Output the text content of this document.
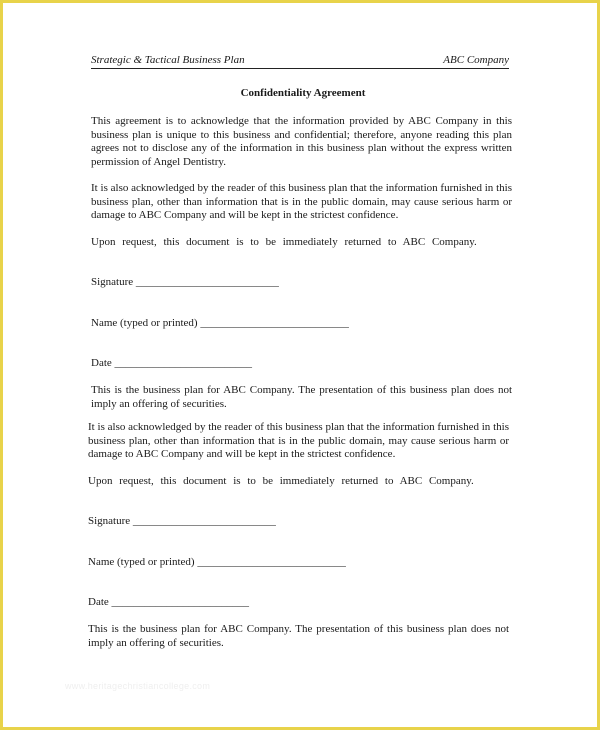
Strategic & Tactical Business Plan	ABC Company
Confidentiality Agreement
This agreement is to acknowledge that the information provided by ABC Company in this business plan is unique to this business and confidential; therefore, anyone reading this plan agrees not to disclose any of the information in this business plan without the express written permission of Angel Dentistry.
It is also acknowledged by the reader of this business plan that the information furnished in this business plan, other than information that is in the public domain, may cause serious harm or damage to ABC Company and will be kept in the strictest confidence.
Upon request, this document is to be immediately returned to ABC Company.
Signature __________________________
Name (typed or printed) ___________________________
Date _________________________
This is the business plan for ABC Company. The presentation of this business plan does not imply an offering of securities.
It is also acknowledged by the reader of this business plan that the information furnished in this business plan, other than information that is in the public domain, may cause serious harm or damage to ABC Company and will be kept in the strictest confidence.
Upon request, this document is to be immediately returned to ABC Company.
Signature __________________________
Name (typed or printed) ___________________________
Date _________________________
This is the business plan for ABC Company. The presentation of this business plan does not imply an offering of securities.
www.heritagechristiancollege.com
